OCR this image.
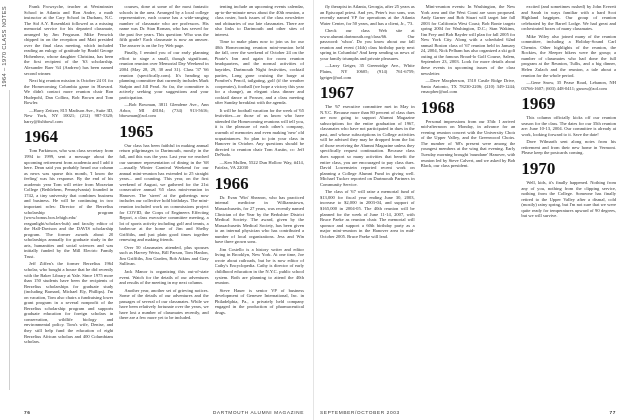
1964 – 1970 CLASS NOTES	Frank Frowsyche, teacher at Westminster School in Atlanta and Ron Andre, a math instructor at the Cary School in Durham, N.C. The Sid A.Y. Rosenblatt followed as a missing memorial service for his departed classmate, arranged by Jim Ferguson. Mike Fenwick chipped in on the reception and Matt presided over the final class meeting, which included reading an eulogy of gratitude by Bradd George Hohenherz, whose daughter Christina, has been the first recipient of the '63 scholarship. Alexander Baer '64 (Andrew) has been named second winner.

Next big reunion mission is October 24 01 for the Homecoming Columbia game in Harvard. We didn't contact more reunion chair Ron Hudepohl, Dan Collins, Bob Brown and Tom Bowler.

—Harry Zeitzer, 815 Madison Ave., Suite 3D, New York, NY 10021; (212) 987-5320; harry@fishbowl.com

1964

Tom Parkinson, who was class secretary from 1994 to 1999, sent a message about the upcoming retirement from academia and I add it here. Dean said you probably heard our column as news was sparse this month, 'I know the feeling' was his response. By the end of his academic year Tom will retire from Moravian College (Bethlehem, Pennsylvania) founded in 1742, a tiny university that combines business and business. He will be continuing in two important roles: Director of the Berzelius scholarship program (www.bonus.box.lehigh.edu/ reaganlight/scholars-hub) and faculty editor of the Hall-Davison and the DAVIS scholarship program. The former awards about 20 scholarships annually for graduate study in the arts, humanities and social sciences and was initially funded by the Mill Electric Family Trust.

Jeff Ziffen's the former Berzelius 1964 scholar, who bought a house that he did recently with the Baker Library at Yale. Since 1975 more than 150 students have been the recipients of Berzelius scholarships for graduate study (including Barnard, Michael Ely, Phillips). I'm on vacation, Tom also chairs a fundraising lower grant program in a several nonprofit of the Berzelius scholarship program and supports graduate education for foreign scholars in conservation, wildlife biology and environmental policy. Tom's wife, Denise, and they still help fund the education of eight Berzelius African scholars and 400 Columbians scholars.

courses, done at some of the most fantastic schools in the area. Arranged by a local college representative, each course has a wide-ranging number of classmate who are professors. His name was Dr. Stan Roman, who has served for the past five years. This question: Who was the fifth grade? Each classmate is now an answer. The answer is on the Ivy Web page.

Finally, I remind you of our early planning effort to stage a small, though significant, reunion reunion over Memorial Day Weekend in 2004 (May 28, 29, 30 and 31). Class '37 '66 reunion (specifically.com). It's heading up planning committee that currently includes Mark Stalpin and Jill Pearl. So far, the committee is actively seeking your suggestions and your participation.

—Bob Bowman, 3811 Glendene Ave., Ann Arbor, MI 48104; (734) 913-5616; bbowman@aol.com

1965

Our class has been faithful in making annual return pilgrimages to Dartmouth, mostly in the fall, and this was the year. Last year we reached our summer representation of dining in the '68 —usually Winter Carnival Weekend for our annual mini-reunion has extended to 25 straight years... and counting. This year, on the first weekend of August, we gathered for the 21st consecutive annual '65 class mini-reunion in Hanover. The 'street' at the gatherings now includes our collective hold birthdays. The mini-reunion included work on commissions project for COVID, the Corps of Engineers Effecting Report, a class executive committee meeting, a lot of sports activity including golf and tennis, a barbecue at the home of Jim and Shelby Griffiths, and just plain good times together renewing and making friends.

Over 50 classmates attended, plus spouses such as Harvey Weiss, Bill Parson, Tom Hanlon, Jim Griffiths, Jim Garden, Bob Atkins and Gray Sullivan.

Jack Manor is organizing this out-of-state event. Watch for the details of our adventures and results of the meeting in my next column.

Another year, another set of grieving notices. Some of the details of our adventures and the passages of several of our classmates. While we have been relatively fortunate over the years, we have lost a number of classmates recently, and there are a few more yet to be included.

tenting include an upcoming events calendar, up-to-the-minute news about the 40th reunion, a class roster, back issues of the class newsletter and obituaries of our late classmates. There are also links to Dartmouth and other sites of interest.

Time to make plans now to join us for our 40th Homecoming reunion mini-reunion held the fall, over the weekend of October 24 on the Pirate's Inn and again for room reunion headquarters, and the normal activities of hayrides, Dartmouth Night festivities, cocktail parties, Long gone cruising the barge at Pomfret's Pencil, tailgating, golf (if the weather cooperates), football (we hope a victory this year for a change), an elegant class dinner and cocktail dance at Prosser, and a class meeting after Sunday breakfast with the agenda.

It will be football vacation for the week of '65 festivities—or those of us know who have attended the Homecoming reunions will tell you, it is the pleasure of each other's company, warmth of memories and even making 'new' old acquaintances. So plan to join your class in Hanover in October. Any questions should be directed to reunion chair Tom Austin, cc: Jeff DeNudo.

—Ken Mullen, 5522 Dun Hollow Way, #414, Fairfax, VA 22030

1966

Dr. Evan 'Win' Shearon, who has practiced internal medicine in Williamstown, Massachusetts, for 27 years, was recently named Clinician of the Year by the Berkshire District Medical Society. The award, given by the Massachusetts Medical Society, has been given to an internal physician who has contributed a number of local organizations. Jess and Win have three grown sons.

Jim Costello is a history writer and editor living in Brooklyn, New York. At one time, Joe wrote about railroads, but he is now editor of Cathy's Encyclopedia. Cathy is director of early childhood education in the N.Y.C. public school system. Both are planning to attend the 40th reunion.

Steve Hauer is senior VP of business development of Genesee International, Inc. in Philadelphia, Pa., a privately held company engaged in the production of pharmaceutical drugs.

76	DARTMOUTH ALUMNI MAGAZINE

fly therapist in Atlanta, Georgia, after 25 years as an Episcopal priest. And yes, Peter's two sons, was recently named VP for operations at the Atlanta Water Center, for 50 years, and has a client, Jr., '73.

Check our class Web site at www.alumni.dartmouth.org/class/66. Our password: 'whoa'. Do you know about our fall reunion and event (14th) class birthday party next spring in Columbia? And keep sending us news of your family triumphs and private pleasures.

—Larry Geiger, 35 Greenridge Ave., White Plains, NY 10605; (914) 761-6759; lgeiger@aol.com

1967

The '67 executive committee met in May in N.Y.C. Because more than 80 percent of class dues are now going to support Alumni Magazine subscriptions for the entire graduation of 1967, classmates who have not participated in dues in the past, and whose subscriptions in College activities will be advised they may be dropped from the list of those receiving the Alumni Magazine unless they specifically request continuation. Because class dues support so many activities that benefit the entire class, you are encouraged to pay class dues. David Lowenstein reported recent work on planning a College Alumni Fund in giving well. Michael Tucker reported on Dartmouth Partners in Community Service.

The class of '67 will raise a memorial fund of $13,000 for fiscal year ending June 30, 2003, increase to $2,000 in 2003-04, and support of $165,000 in 2004-05. The 40th reunion will be planned for the week of June 11-14, 2007, with Bruce Paeke as reunion chair. The memorial will sponsor and support a 60th birthday party as a major mini-reunion in the Hanover area in mid-October 2005. Bruce Paeke will lead.

Mini-reunion events: In Washington, the New York area and the West Coast are soon proposed. Andy Garner and Bob Stuart will target late fall 2003 for California West Coast; Bob Bonte targets spring 2004 for Washington, D.C.; Stan Wakims, Jim Frey and Bob Rayder will plan for fall 2005 for New York City. Along with a scheduled 62nd annual Boston class of '67 reunion held in January 24, 2004, Nick Pelham has also organized a ski golf outing at the famous Broad-lo Golf Course, Salem, September 23, 2003. Look for more details about these events in upcoming issues of the class newsletter.

—Dave Macpherson, 1510 Castle Ridge Drive, Santa Antonio, TX 78230-2206; (210) 349-1244; vmacpher@aol.com

1968

Personal impressions from our 35th: I arrived mid-afternoon on Monday, in advance for an evening reunion concert with the University Choir of the Upper Valley, and the Greenwood Choirs. The number of '68's present were among the youngest members at the wing that evening. Early Tuesday morning brought 'mundane' Hanover, with reunion led by Steve Calvert, and we asked by Bob Black, our class president.

excited (and sometimes rushed) by John Everett and Sarah in ways familiar with a hard Scot Highland bagpipes. Our group of reunion celebrated by the Barrel Lodge. We had great and orchestrated boxes of many classmates.

Mike Wiley also joined many of the reunion committee, including a Holiday-Sound Carl Chemin. Other highlights of the reunion, the Rockies, the Sleeper bikers were the group; a number of classmates who had done the full program at the Reunion, Tullis, and a big dinner, Helen Zulach and the reunion, a tale about a reunion for the whole period.

—Gene Snow, 35 Pease Road, Lebanon, NH 03766-1607; (603) 448-0411; gsnow@aol.com

1969

This column officially kicks off our reunion season for the class. The dates for our 35th reunion are: June 10-13, 2004. Our committee is already at work, looking forward to it. Save the date!

Dave Wilmarth sent along notes from his retirement and from their new home in Vermont. Please keep the postcards coming.

1970

Well, kids, it's finally happened. Nothing from any of you, nothing from the clipping service, nothing from the College. Someone has finally retired to the Upper Valley after a dismal, cold (mostly) rainy spring, but I'm not sure that we were quite ready for temperatures upward of 90 degrees, but we will survive.

SEPTEMBER/OCTOBER 2003	77
